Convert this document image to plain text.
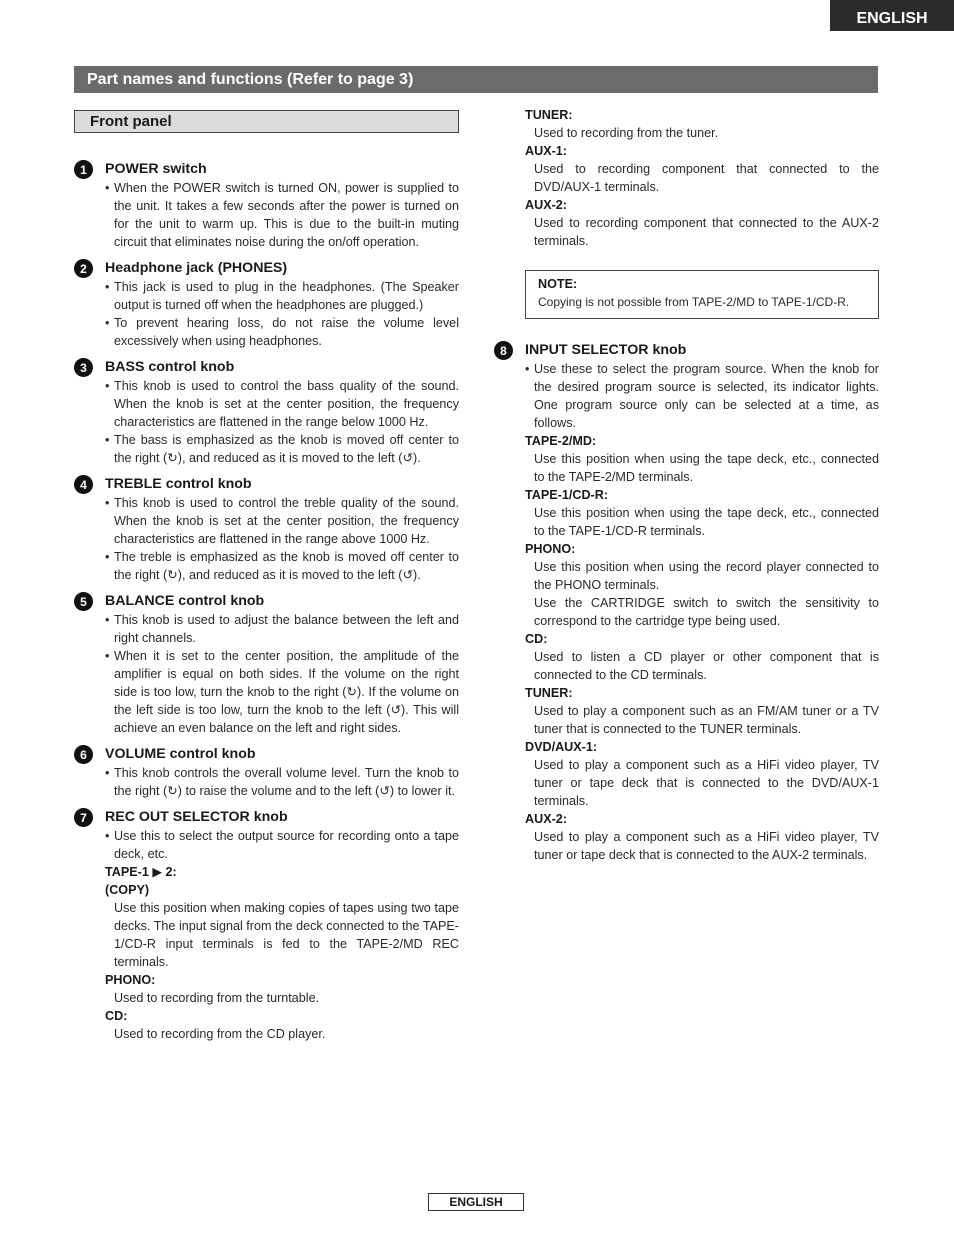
ENGLISH
Part names and functions (Refer to page 3)
Front panel
1	POWER switch
• When the POWER switch is turned ON, power is supplied to the unit. It takes a few seconds after the power is turned on for the unit to warm up. This is due to the built-in muting circuit that eliminates noise during the on/off operation.
2	Headphone jack (PHONES)
• This jack is used to plug in the headphones. (The Speaker output is turned off when the headphones are plugged.)
• To prevent hearing loss, do not raise the volume level excessively when using headphones.
3	BASS control knob
• This knob is used to control the bass quality of the sound. When the knob is set at the center position, the frequency characteristics are flattened in the range below 1000 Hz.
• The bass is emphasized as the knob is moved off center to the right (↻), and reduced as it is moved to the left (↺).
4	TREBLE control knob
• This knob is used to control the treble quality of the sound. When the knob is set at the center position, the frequency characteristics are flattened in the range above 1000 Hz.
• The treble is emphasized as the knob is moved off center to the right (↻), and reduced as it is moved to the left (↺).
5	BALANCE control knob
• This knob is used to adjust the balance between the left and right channels.
• When it is set to the center position, the amplitude of the amplifier is equal on both sides. If the volume on the right side is too low, turn the knob to the right (↻). If the volume on the left side is too low, turn the knob to the left (↺). This will achieve an even balance on the left and right sides.
6	VOLUME control knob
• This knob controls the overall volume level. Turn the knob to the right (↻) to raise the volume and to the left (↺) to lower it.
7	REC OUT SELECTOR knob
• Use this to select the output source for recording onto a tape deck, etc.
TAPE-1 ▶ 2:
(COPY)
Use this position when making copies of tapes using two tape decks. The input signal from the deck connected to the TAPE-1/CD-R input terminals is fed to the TAPE-2/MD REC terminals.
PHONO:
Used to recording from the turntable.
CD:
Used to recording from the CD player.
TUNER:
Used to recording from the tuner.
AUX-1:
Used to recording component that connected to the DVD/AUX-1 terminals.
AUX-2:
Used to recording component that connected to the AUX-2 terminals.
NOTE:
Copying is not possible from TAPE-2/MD to TAPE-1/CD-R.
8	INPUT SELECTOR knob
• Use these to select the program source. When the knob for the desired program source is selected, its indicator lights. One program source only can be selected at a time, as follows.
TAPE-2/MD:
Use this position when using the tape deck, etc., connected to the TAPE-2/MD terminals.
TAPE-1/CD-R:
Use this position when using the tape deck, etc., connected to the TAPE-1/CD-R terminals.
PHONO:
Use this position when using the record player connected to the PHONO terminals.
Use the CARTRIDGE switch to switch the sensitivity to correspond to the cartridge type being used.
CD:
Used to listen a CD player or other component that is connected to the CD terminals.
TUNER:
Used to play a component such as an FM/AM tuner or a TV tuner that is connected to the TUNER terminals.
DVD/AUX-1:
Used to play a component such as a HiFi video player, TV tuner or tape deck that is connected to the DVD/AUX-1 terminals.
AUX-2:
Used to play a component such as a HiFi video player, TV tuner or tape deck that is connected to the AUX-2 terminals.
ENGLISH
